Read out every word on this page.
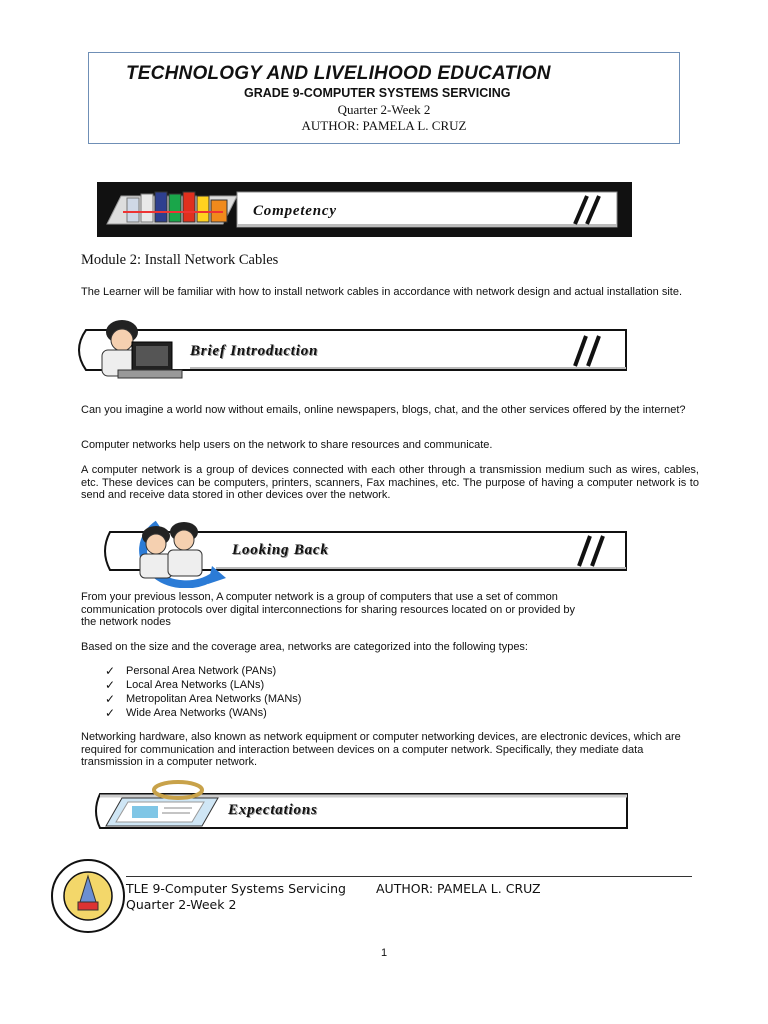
TECHNOLOGY AND LIVELIHOOD EDUCATION
GRADE 9-COMPUTER SYSTEMS SERVICING
Quarter 2-Week 2
AUTHOR: PAMELA L. CRUZ
Competency
Module 2: Install Network Cables
The Learner will be familiar with how to install network cables in accordance with network design and actual installation site.
Brief Introduction
Can you imagine a world now without emails, online newspapers, blogs, chat, and the other services offered by the internet?
Computer networks help users on the network to share resources and communicate.
A computer network is a group of devices connected with each other through a transmission medium such as wires, cables, etc. These devices can be computers, printers, scanners, Fax machines, etc. The purpose of having a computer network is to send and receive data stored in other devices over the network.
Looking Back
From your previous lesson, A computer network is a group of computers that use a set of common
communication protocols over digital interconnections for sharing resources located on or provided by
the network nodes
Based on the size and the coverage area, networks are categorized into the following types:
✓ Personal Area Network (PANs)
✓ Local Area Networks (LANs)
✓ Metropolitan Area Networks (MANs)
✓ Wide Area Networks (WANs)
Networking hardware, also known as network equipment or computer networking devices, are electronic devices, which are required for communication and interaction between devices on a computer network. Specifically, they mediate data transmission in a computer network.
Expectations
TLE 9-Computer Systems Servicing
Quarter 2-Week 2
AUTHOR: PAMELA L. CRUZ
1
